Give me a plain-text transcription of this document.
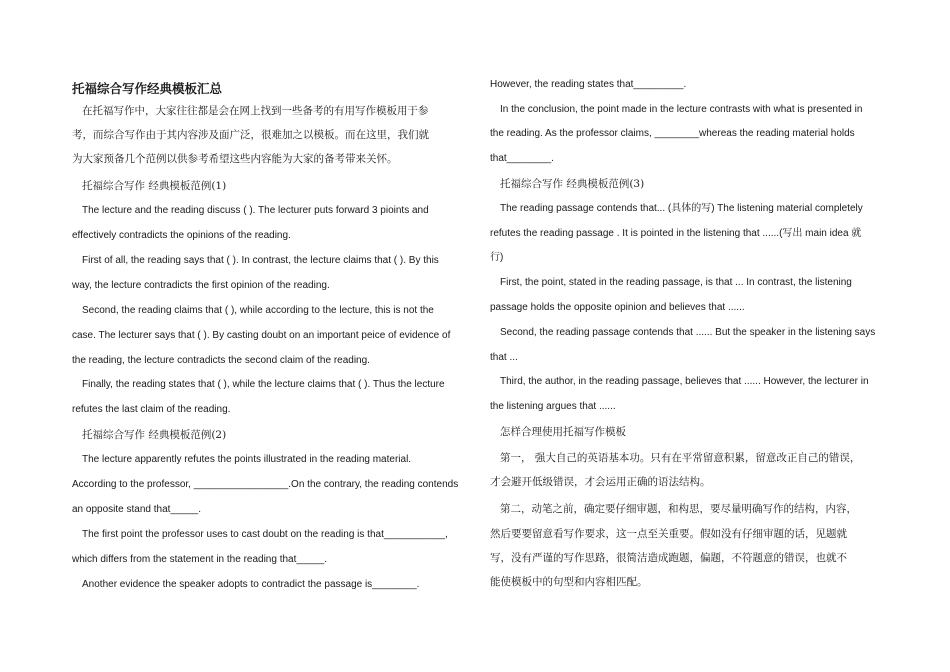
托福综合写作经典模板汇总
在托福写作中，大家往往都是会在网上找到一些备考的有用写作模板用于参
考，而综合写作由于其内容涉及面广泛，很难加之以模板。而在这里，我们就
为大家预备几个范例以供参考希望这些内容能为大家的备考带来关怀。
托福综合写作 经典模板范例(1)
The lecture and the reading discuss ( ). The lecturer puts forward 3 pioints and
effectively contradicts the opinions of the reading.
First of all, the reading says that ( ). In contrast, the lecture claims that ( ). By this
way, the lecture contradicts the first opinion of the reading.
Second, the reading claims that ( ), while according to the lecture, this is not the
case. The lecturer says that ( ). By casting doubt on an important peice of evidence of
the reading, the lecture contradicts the second claim of the reading.
Finally, the reading states that ( ), while the lecture claims that ( ). Thus the lecture
refutes the last claim of the reading.
托福综合写作 经典模板范例(2)
The lecture apparently refutes the points illustrated in the reading material.
According to the professor, _________________.On the contrary, the reading contends
an opposite stand that_____.
The first point the professor uses to cast doubt on the reading is that___________,
which differs from the statement in the reading that_____.
Another evidence the speaker adopts to contradict the passage is________.
However, the reading states that_________.
In the conclusion, the point made in the lecture contrasts with what is presented in
the reading. As the professor claims, ________whereas the reading material holds
that________.
托福综合写作 经典模板范例(3)
The reading passage contends that... (具体的写) The listening material completely
refutes the reading passage . It is pointed in the listening that ......(写出 main idea 就
行)
First, the point, stated in the reading passage, is that ... In contrast, the listening
passage holds the opposite opinion and believes that ......
Second, the reading passage contends that ...... But the speaker in the listening says
that ...
Third, the author, in the reading passage, believes that ...... However, the lecturer in
the listening argues that ......
怎样合理使用托福写作模板
第一， 强大自己的英语基本功。只有在平常留意积累，留意改正自己的错误，
才会避开低级错误，才会运用正确的语法结构。
第二，动笔之前，确定要仔细审题，和构思，要尽量明确写作的结构，内容，
然后要要留意看写作要求，这一点至关重要。假如没有仔细审题的话，见题就
写，没有严谨的写作思路，很简洁造成跑题，偏题，不符题意的错误，也就不
能使模板中的句型和内容相匹配。
